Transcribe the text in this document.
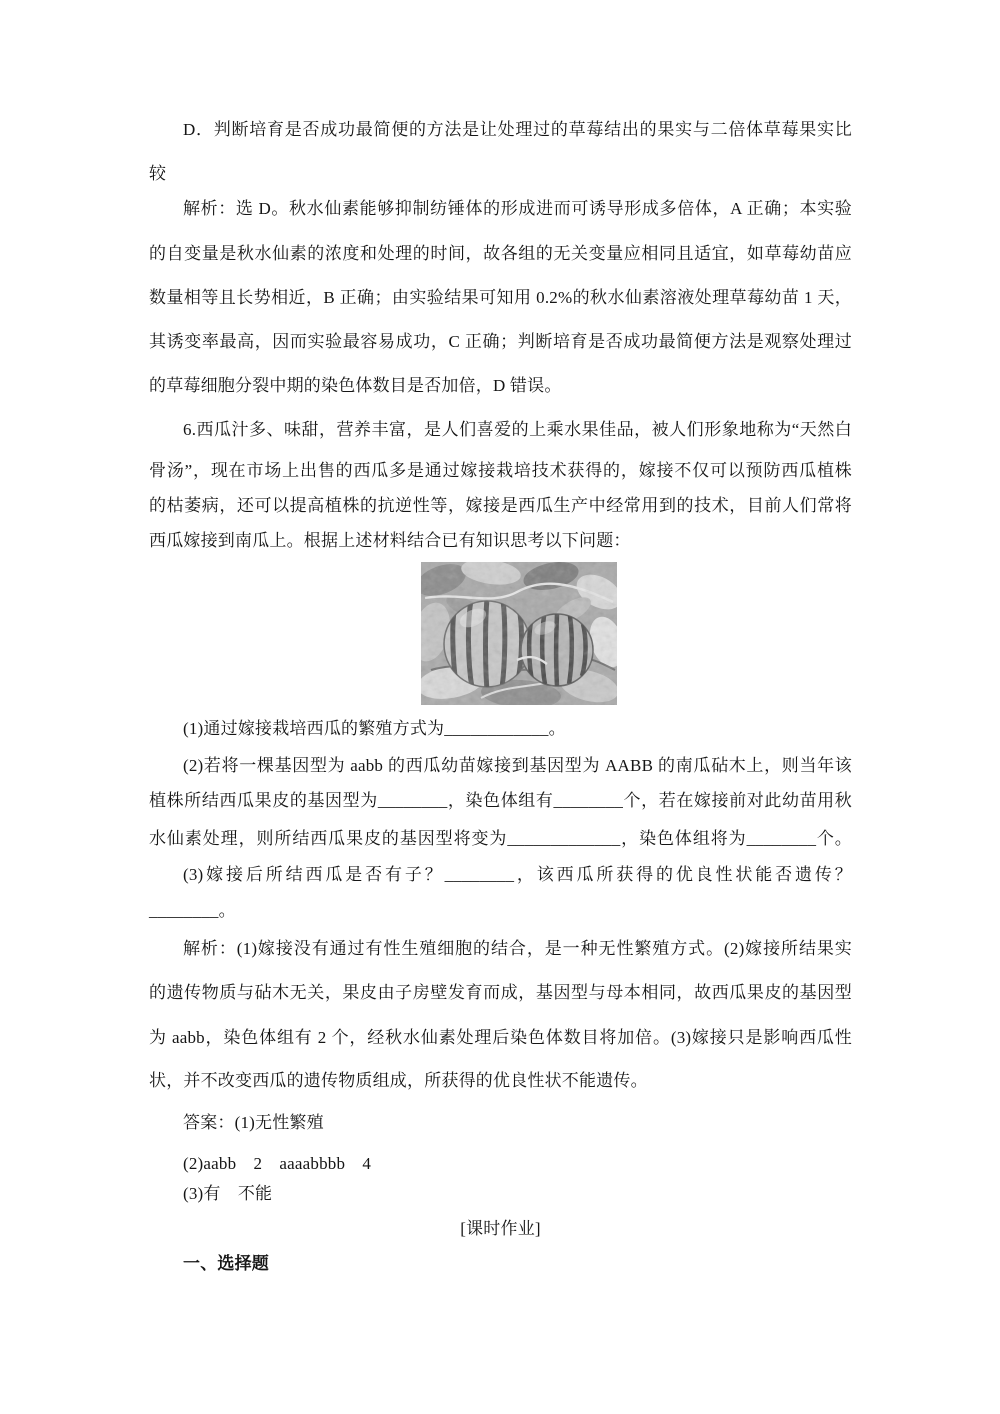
D．判断培育是否成功最简便的方法是让处理过的草莓结出的果实与二倍体草莓果实比
较
解析：选 D。秋水仙素能够抑制纺锤体的形成进而可诱导形成多倍体，A 正确；本实验
的自变量是秋水仙素的浓度和处理的时间，故各组的无关变量应相同且适宜，如草莓幼苗应
数量相等且长势相近，B 正确；由实验结果可知用 0.2%的秋水仙素溶液处理草莓幼苗 1 天，
其诱变率最高，因而实验最容易成功，C 正确；判断培育是否成功最简便方法是观察处理过
的草莓细胞分裂中期的染色体数目是否加倍，D 错误。
6.西瓜汁多、味甜，营养丰富，是人们喜爱的上乘水果佳品，被人们形象地称为“天然白
骨汤”，现在市场上出售的西瓜多是通过嫁接栽培技术获得的，嫁接不仅可以预防西瓜植株
的枯萎病，还可以提高植株的抗逆性等，嫁接是西瓜生产中经常用到的技术，目前人们常将
西瓜嫁接到南瓜上。根据上述材料结合已有知识思考以下问题：
(1)通过嫁接栽培西瓜的繁殖方式为____________。
(2)若将一棵基因型为 aabb 的西瓜幼苗嫁接到基因型为 AABB 的南瓜砧木上，则当年该
植株所结西瓜果皮的基因型为________，染色体组有________个，若在嫁接前对此幼苗用秋
水仙素处理，则所结西瓜果皮的基因型将变为_____________，染色体组将为________个。
(3)嫁接后所结西瓜是否有子？________，该西瓜所获得的优良性状能否遗传？
________。
解析：(1)嫁接没有通过有性生殖细胞的结合，是一种无性繁殖方式。(2)嫁接所结果实
的遗传物质与砧木无关，果皮由子房壁发育而成，基因型与母本相同，故西瓜果皮的基因型
为 aabb，染色体组有 2 个，经秋水仙素处理后染色体数目将加倍。(3)嫁接只是影响西瓜性
状，并不改变西瓜的遗传物质组成，所获得的优良性状不能遗传。
答案：(1)无性繁殖
(2)aabb　2　aaaabbbb　4
(3)有　不能
[课时作业]
一、选择题
